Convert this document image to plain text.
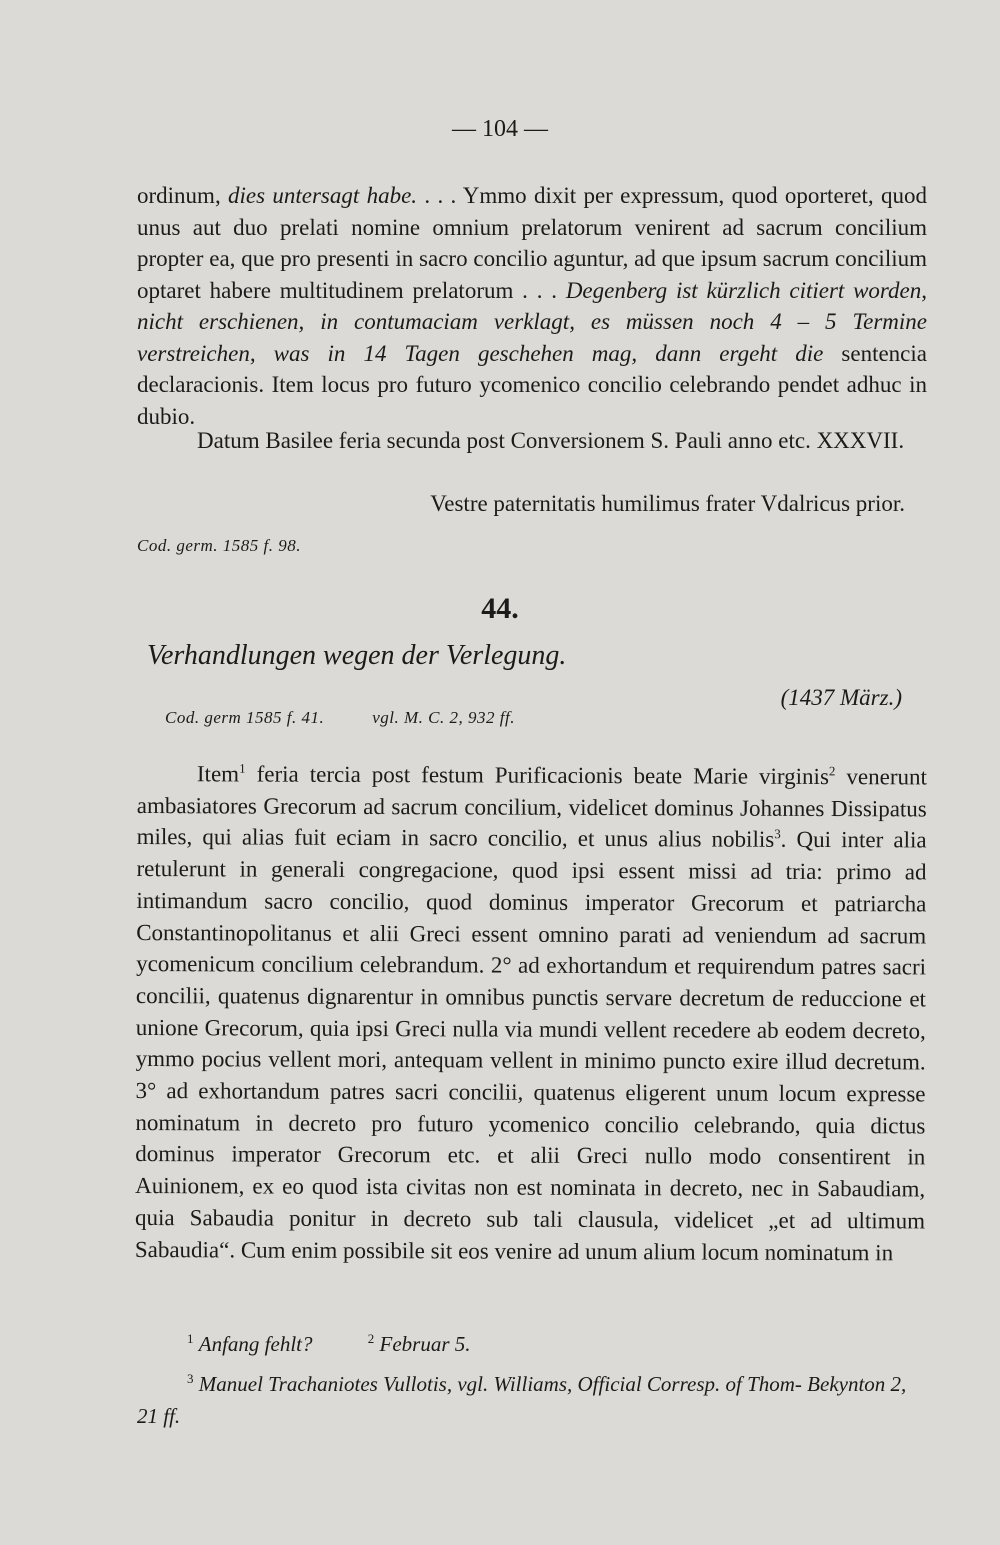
— 104 —
ordinum, dies untersagt habe. . . . Ymmo dixit per expressum, quod oporteret, quod unus aut duo prelati nomine omnium prelatorum venirent ad sacrum concilium propter ea, que pro presenti in sacro concilio aguntur, ad que ipsum sacrum concilium optaret habere multitudinem prelatorum . . . Degenberg ist kürzlich citiert worden, nicht erschienen, in contumaciam verklagt, es müssen noch 4 – 5 Termine verstreichen, was in 14 Tagen geschehen mag, dann ergeht die sentencia declaracionis. Item locus pro futuro ycomenico concilio celebrando pendet adhuc in dubio.
Datum Basilee feria secunda post Conversionem S. Pauli anno etc. XXXVII.
Vestre paternitatis humilimus frater Vdalricus prior.
Cod. germ. 1585 f. 98.
44.
Verhandlungen wegen der Verlegung.
(1437 März.)
Cod. germ 1585 f. 41.	vgl. M. C. 2, 932 ff.
Item$^1$ feria tercia post festum Purificacionis beate Marie virginis$^2$ venerunt ambasiatores Grecorum ad sacrum concilium, videlicet dominus Johannes Dissipatus miles, qui alias fuit eciam in sacro concilio, et unus alius nobilis$^3$. Qui inter alia retulerunt in generali congregacione, quod ipsi essent missi ad tria: primo ad intimandum sacro concilio, quod dominus imperator Grecorum et patriarcha Constantinopolitanus et alii Greci essent omnino parati ad veniendum ad sacrum ycomenicum concilium celebrandum. 2° ad exhortandum et requirendum patres sacri concilii, quatenus dignarentur in omnibus punctis servare decretum de reduccione et unione Grecorum, quia ipsi Greci nulla via mundi vellent recedere ab eodem decreto, ymmo pocius vellent mori, antequam vellent in minimo puncto exire illud decretum. 3° ad exhortandum patres sacri concilii, quatenus eligerent unum locum expresse nominatum in decreto pro futuro ycomenico concilio celebrando, quia dictus dominus imperator Grecorum etc. et alii Greci nullo modo consentirent in Auinionem, ex eo quod ista civitas non est nominata in decreto, nec in Sabaudiam, quia Sabaudia ponitur in decreto sub tali clausula, videlicet „et ad ultimum Sabaudia“. Cum enim possibile sit eos venire ad unum alium locum nominatum in
$^1$ Anfang fehlt?	$^2$ Februar 5.
$^3$ Manuel Trachaniotes Vullotis, vgl. Williams, Official Corresp. of Thom- Bekynton 2, 21 ff.
